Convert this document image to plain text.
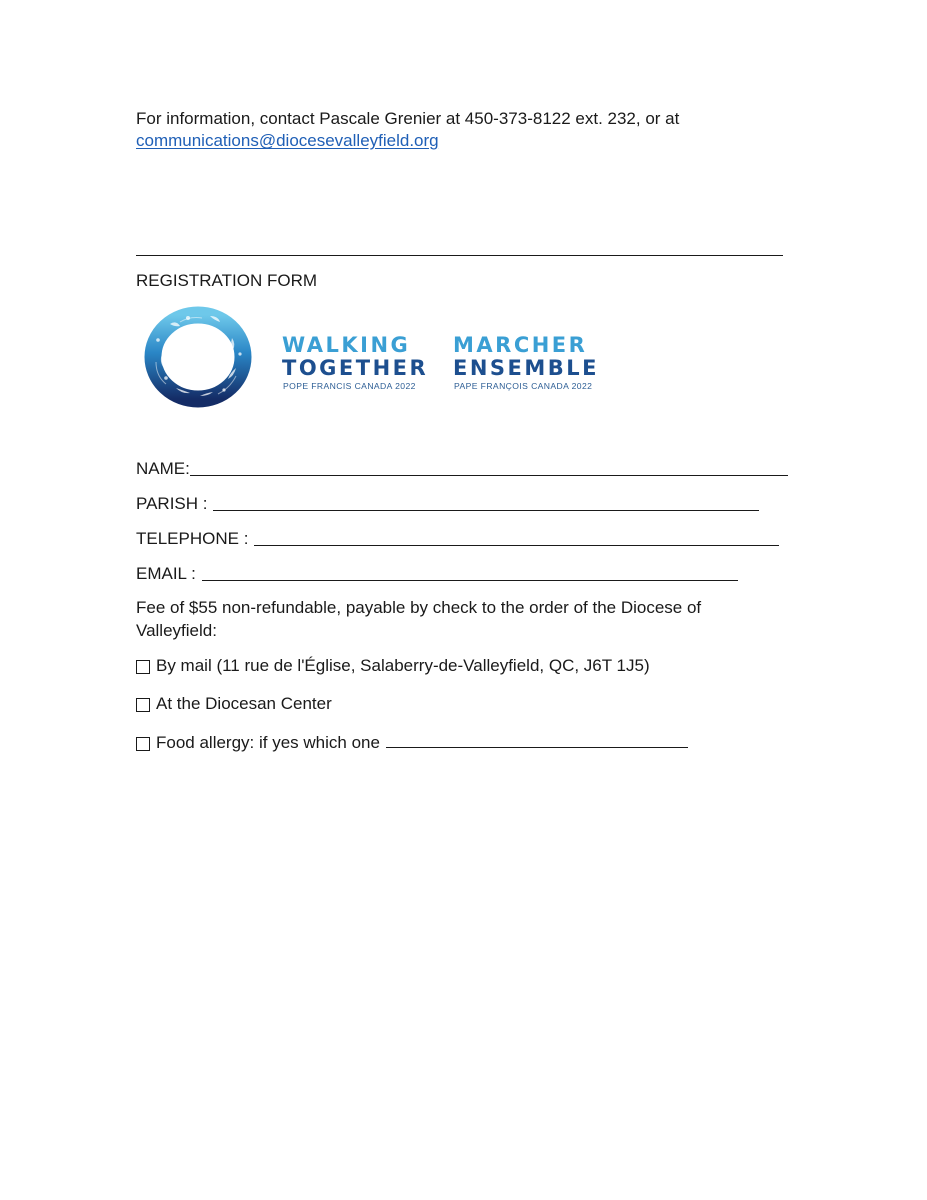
For information, contact Pascale Grenier at 450-373-8122 ext. 232, or at
communications@diocesevalleyfield.org
REGISTRATION FORM
WALKING
TOGETHER
POPE FRANCIS CANADA 2022
MARCHER
ENSEMBLE
PAPE FRANÇOIS CANADA 2022
NAME:
PARISH :
TELEPHONE :
EMAIL :
Fee of $55 non-refundable, payable by check to the order of the Diocese of Valleyfield:
By mail (11 rue de l'Église, Salaberry-de-Valleyfield, QC, J6T 1J5)
At the Diocesan Center
Food allergy: if yes which one
